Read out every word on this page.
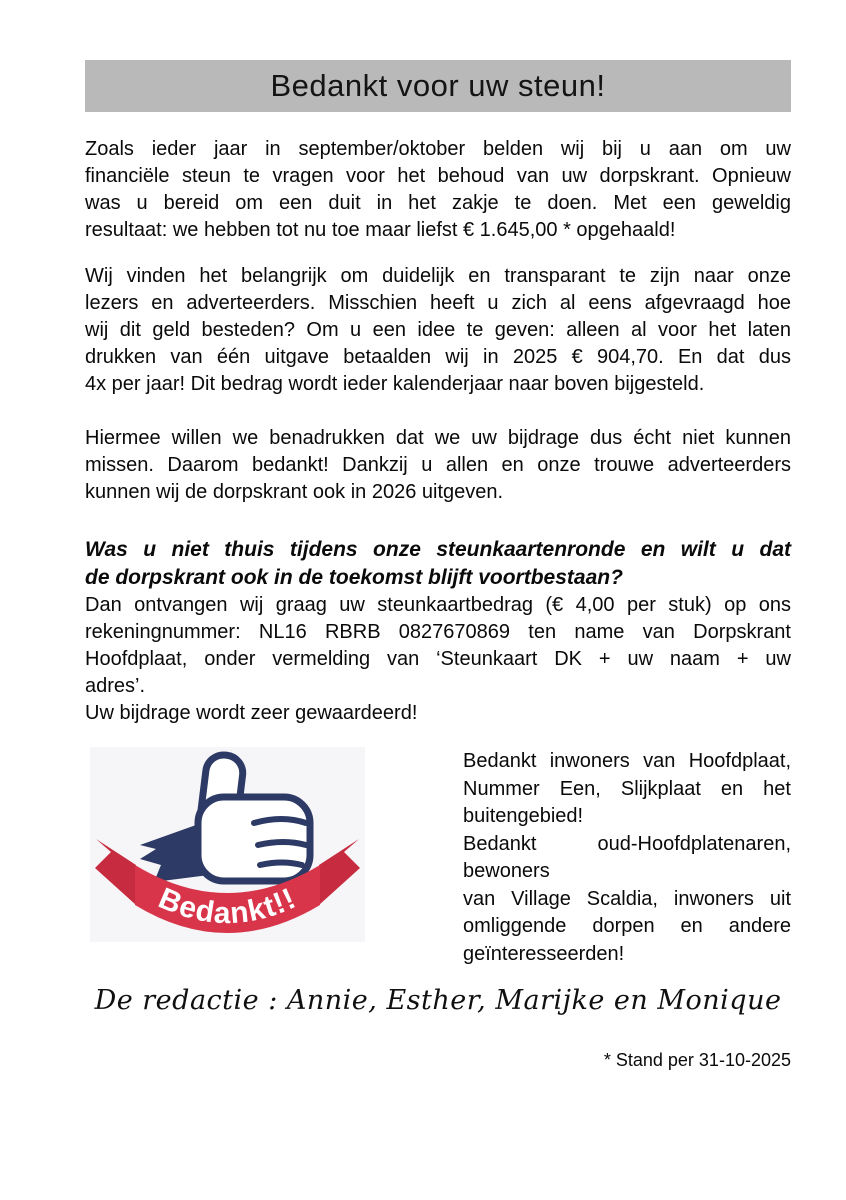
Bedankt voor uw steun!

Zoals ieder jaar in september/oktober belden wij bij u aan om uw
financiële steun te vragen voor het behoud van uw dorpskrant. Opnieuw
was u bereid om een duit in het zakje te doen. Met een geweldig
resultaat: we hebben tot nu toe maar liefst € 1.645,00 * opgehaald!

Wij vinden het belangrijk om duidelijk en transparant te zijn naar onze
lezers en adverteerders. Misschien heeft u zich al eens afgevraagd hoe
wij dit geld besteden? Om u een idee te geven: alleen al voor het laten
drukken van één uitgave betaalden wij in 2025 € 904,70. En dat dus
4x per jaar! Dit bedrag wordt ieder kalenderjaar naar boven bijgesteld.

Hiermee willen we benadrukken dat we uw bijdrage dus écht niet kunnen
missen. Daarom bedankt! Dankzij u allen en onze trouwe adverteerders
kunnen wij de dorpskrant ook in 2026 uitgeven.

Was u niet thuis tijdens onze steunkaartenronde en wilt u dat
de dorpskrant ook in de toekomst blijft voortbestaan?

Dan ontvangen wij graag uw steunkaartbedrag (€ 4,00 per stuk) op ons
rekeningnummer: NL16 RBRB 0827670869 ten name van Dorpskrant
Hoofdplaat, onder vermelding van ‘Steunkaart DK + uw naam + uw
adres’.
Uw bijdrage wordt zeer gewaardeerd!

Bedankt!!
Bedankt inwoners van Hoofdplaat,
Nummer Een, Slijkplaat en het
buitengebied!
Bedankt oud-Hoofdplatenaren, bewoners
van Village Scaldia, inwoners uit
omliggende dorpen en andere
geïnteresseerden!

De redactie : Annie, Esther, Marijke en Monique

* Stand per 31-10-2025
